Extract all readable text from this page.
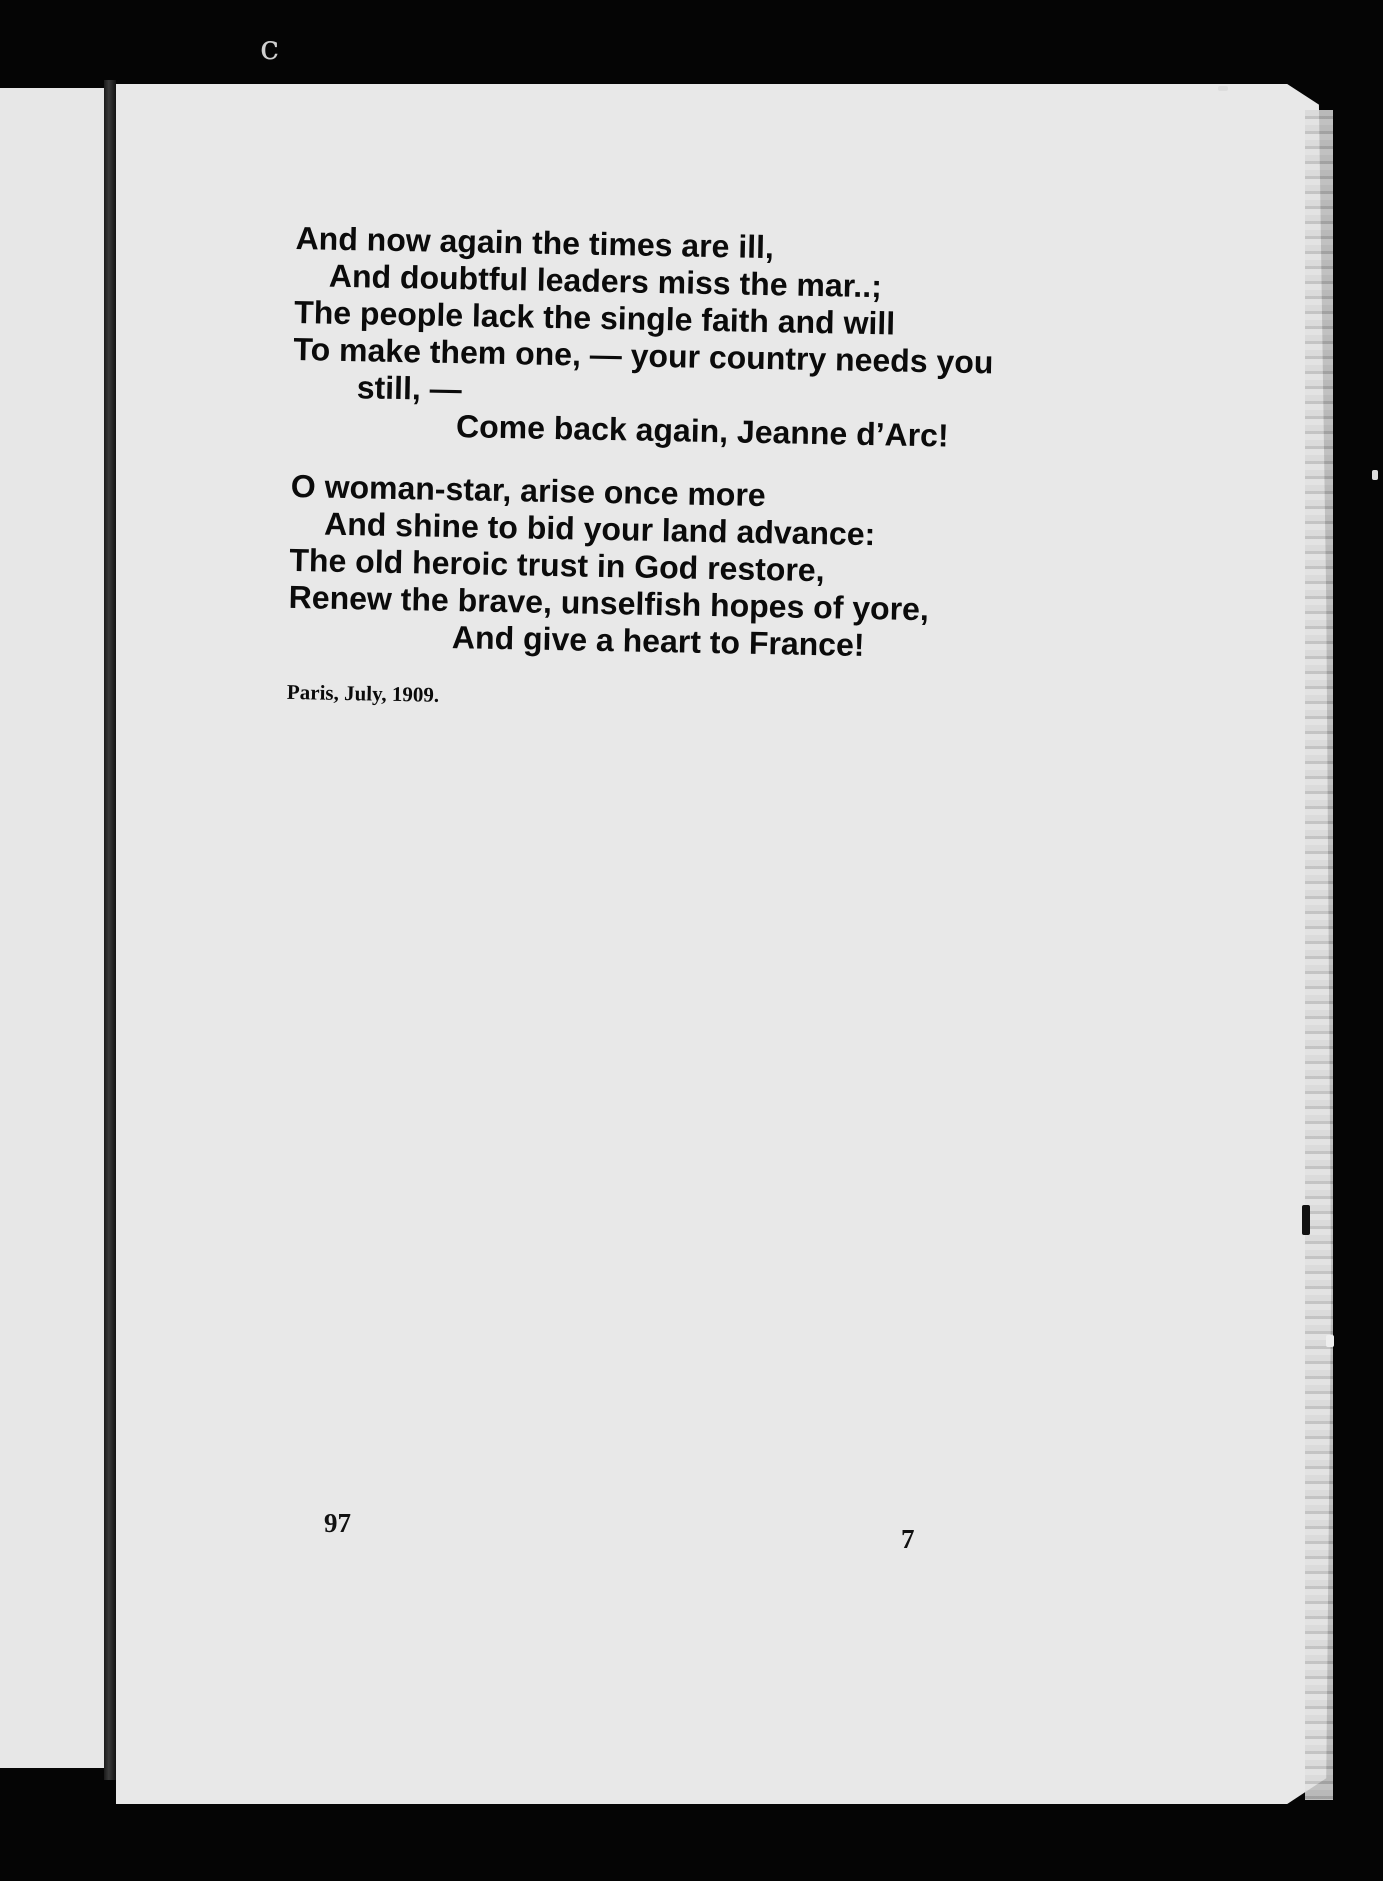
c
And now again the times are ill,
And doubtful leaders miss the mar..;
The people lack the single faith and will
To make them one, — your country needs you
still, —
Come back again, Jeanne d’Arc!
O woman-star, arise once more
And shine to bid your land advance:
The old heroic trust in God restore,
Renew the brave, unselfish hopes of yore,
And give a heart to France!
Paris, July, 1909.
97
7
